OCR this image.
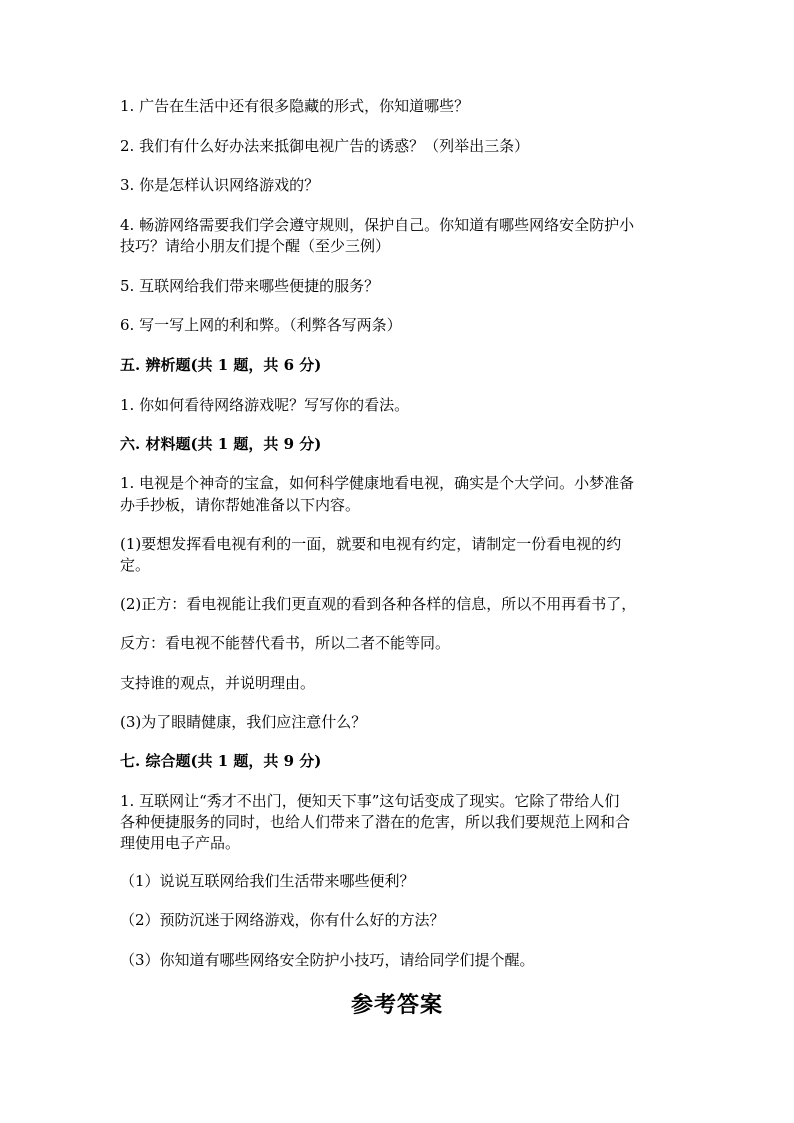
1. 广告在生活中还有很多隐藏的形式，你知道哪些？
2. 我们有什么好办法来抵御电视广告的诱惑？（列举出三条）
3. 你是怎样认识网络游戏的？
4. 畅游网络需要我们学会遵守规则，保护自己。你知道有哪些网络安全防护小
技巧？请给小朋友们提个醒（至少三例）
5. 互联网给我们带来哪些便捷的服务？
6. 写一写上网的利和弊。（利弊各写两条）
五. 辨析题(共 1 题，共 6 分)
1. 你如何看待网络游戏呢？写写你的看法。
六. 材料题(共 1 题，共 9 分)
1. 电视是个神奇的宝盒，如何科学健康地看电视，确实是个大学问。小梦准备
办手抄板，请你帮她准备以下内容。
(1)要想发挥看电视有利的一面，就要和电视有约定，请制定一份看电视的约
定。
(2)正方：看电视能让我们更直观的看到各种各样的信息，所以不用再看书了，
反方：看电视不能替代看书，所以二者不能等同。
支持谁的观点，并说明理由。
(3)为了眼睛健康，我们应注意什么？
七. 综合题(共 1 题，共 9 分)
1. 互联网让“秀才不出门，便知天下事”这句话变成了现实。它除了带给人们
各种便捷服务的同时，也给人们带来了潜在的危害，所以我们要规范上网和合
理使用电子产品。
（1）说说互联网给我们生活带来哪些便利？
（2）预防沉迷于网络游戏，你有什么好的方法？
（3）你知道有哪些网络安全防护小技巧，请给同学们提个醒。
参考答案
